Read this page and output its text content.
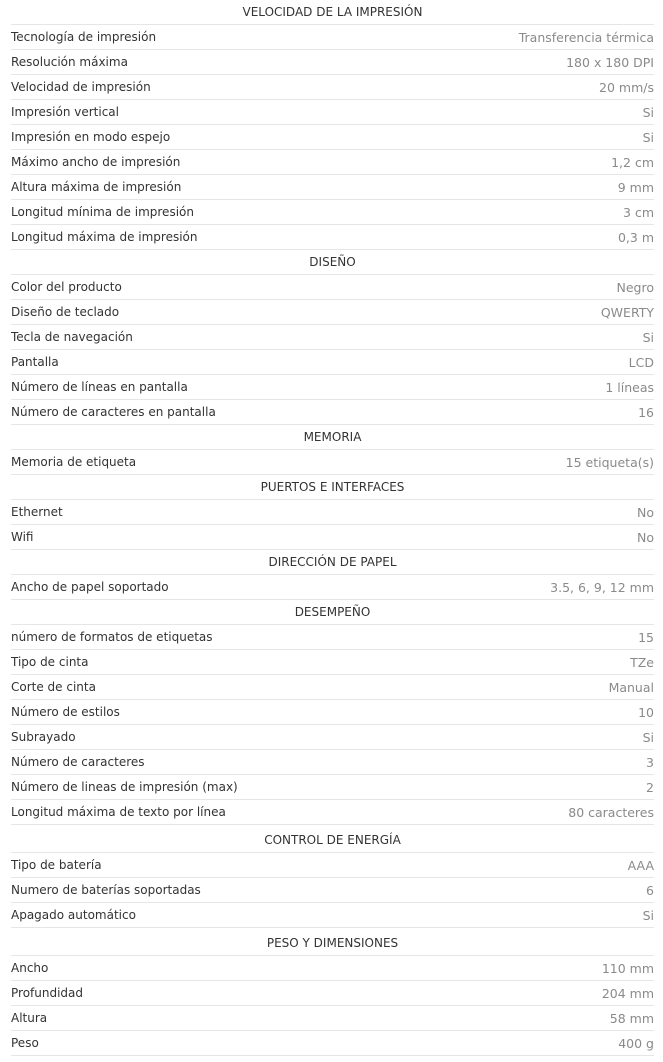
VELOCIDAD DE LA IMPRESIÓN
Tecnología de impresión	Transferencia térmica
Resolución máxima	180 x 180 DPI
Velocidad de impresión	20 mm/s
Impresión vertical	Si
Impresión en modo espejo	Si
Máximo ancho de impresión	1,2 cm
Altura máxima de impresión	9 mm
Longitud mínima de impresión	3 cm
Longitud máxima de impresión	0,3 m
DISEÑO
Color del producto	Negro
Diseño de teclado	QWERTY
Tecla de navegación	Si
Pantalla	LCD
Número de líneas en pantalla	1 líneas
Número de caracteres en pantalla	16
MEMORIA
Memoria de etiqueta	15 etiqueta(s)
PUERTOS E INTERFACES
Ethernet	No
Wifi	No
DIRECCIÓN DE PAPEL
Ancho de papel soportado	3.5, 6, 9, 12 mm
DESEMPEÑO
número de formatos de etiquetas	15
Tipo de cinta	TZe
Corte de cinta	Manual
Número de estilos	10
Subrayado	Si
Número de caracteres	3
Número de lineas de impresión (max)	2
Longitud máxima de texto por línea	80 caracteres
CONTROL DE ENERGÍA
Tipo de batería	AAA
Numero de baterías soportadas	6
Apagado automático	Si
PESO Y DIMENSIONES
Ancho	110 mm
Profundidad	204 mm
Altura	58 mm
Peso	400 g
